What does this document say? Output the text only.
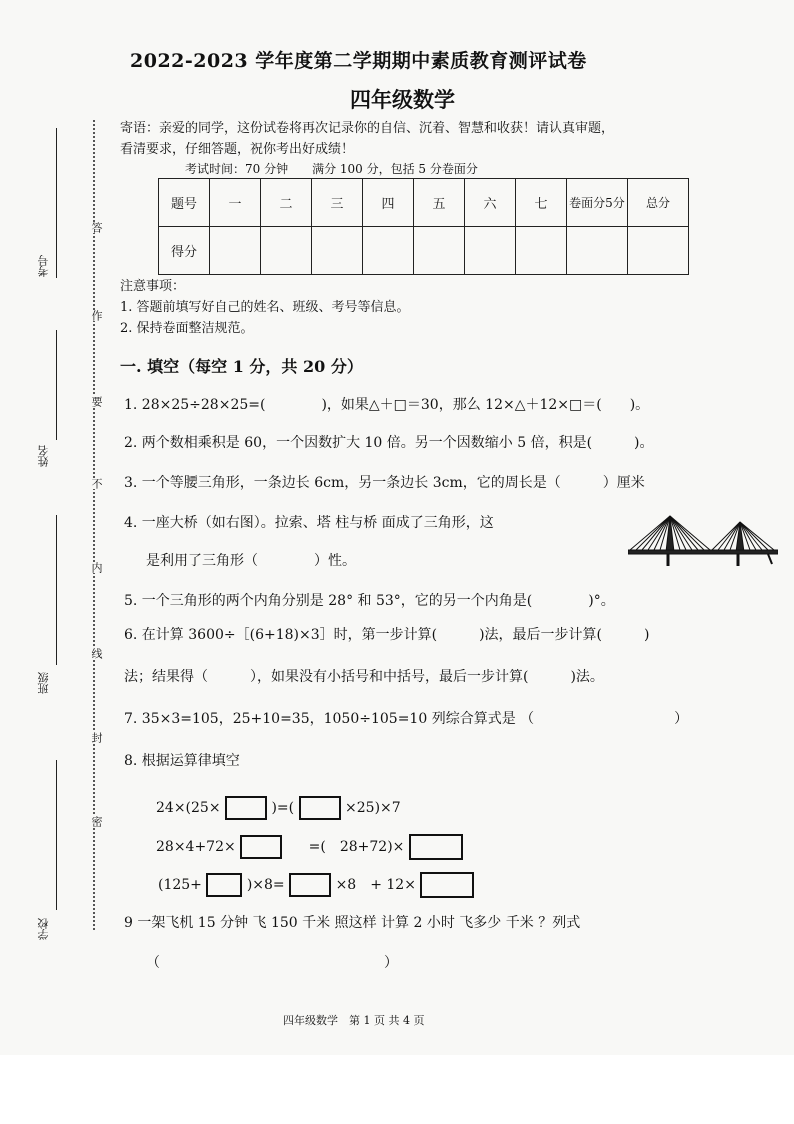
考号
姓名
班级
学校
答
作
要
不
内
线
封
密
2022-2023 学年度第二学期期中素质教育测评试卷
四年级数学
寄语：亲爱的同学，这份试卷将再次记录你的自信、沉着、智慧和收获！请认真审题，
看清要求，仔细答题，祝你考出好成绩！
考试时间：70 分钟　　满分 100 分，包括 5 分卷面分
题号	一	二	三	四	五	六	七	卷面分5分	总分
得分									
注意事项：
1. 答题前填写好自己的姓名、班级、考号等信息。
2. 保持卷面整洁规范。
一. 填空（每空 1 分，共 20 分）
1. 28×25÷28×25=(　　　　)，如果△＋□＝30，那么 12×△＋12×□＝(　　)。
2. 两个数相乘积是 60，一个因数扩大 10 倍。另一个因数缩小 5 倍，积是(　　　)。
3. 一个等腰三角形，一条边长 6cm，另一条边长 3cm，它的周长是（　　　）厘米
4. 一座大桥（如右图）。拉索、塔 柱与桥 面成了三角形，这
是利用了三角形（　　　　）性。
5. 一个三角形的两个内角分别是 28° 和 53°，它的另一个内角是(　　　　)°。
6. 在计算 3600÷［(6+18)×3］时，第一步计算(　　　)法，最后一步计算(　　　)
法；结果得（　　　），如果没有小括号和中括号，最后一步计算(　　　)法。
7. 35×3=105，25+10=35，1050÷105=10 列综合算式是 （　　　　　　　　　　）
8. 根据运算律填空
24×(25×	)=(	×25)×7
28×4+72×	=(　28+72)×
(125+	)×8=	×8　+ 12×
9 一架飞机 15 分钟 飞 150 千米 照这样 计算 2 小时 飞多少 千米 ？列式
（　　　　　　　　　　　　　　　　）
四年级数学　第 1 页 共 4 页
